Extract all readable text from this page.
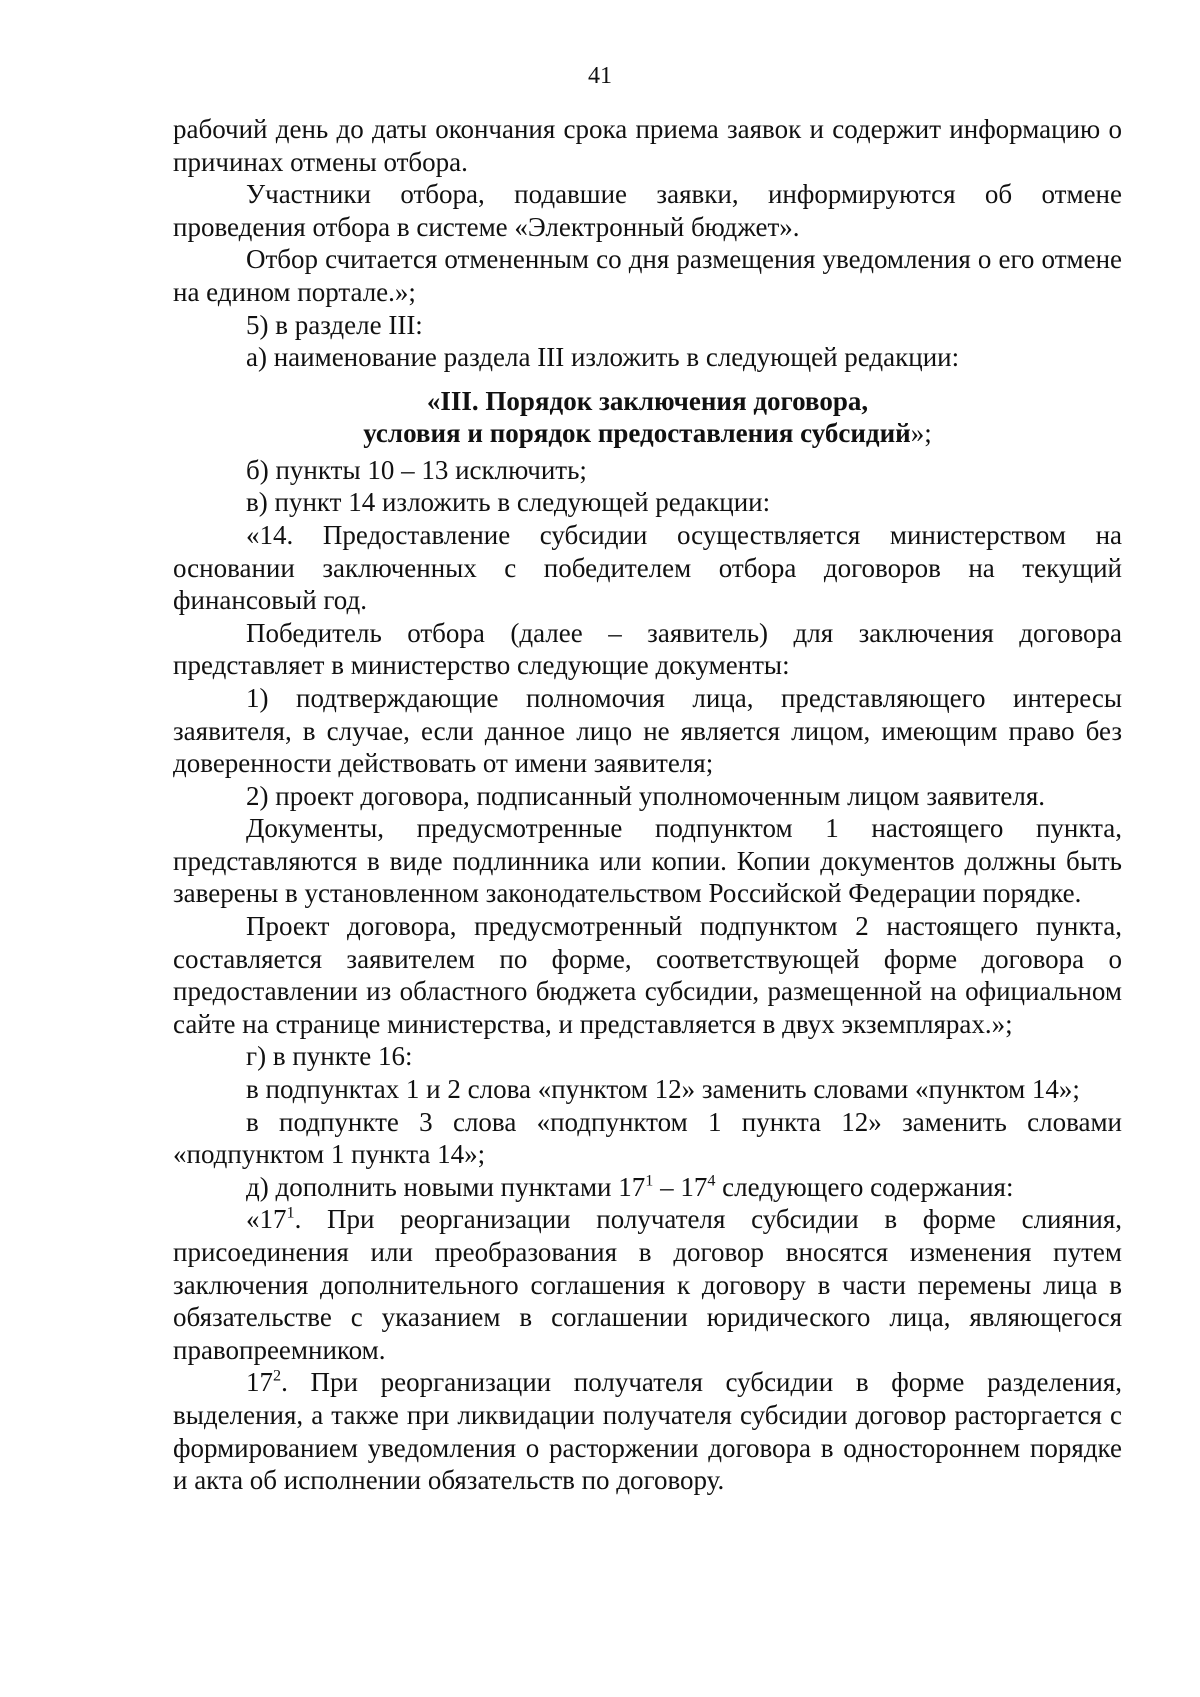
41

рабочий день до даты окончания срока приема заявок и содержит информацию о причинах отмены отбора.

Участники отбора, подавшие заявки, информируются об отмене проведения отбора в системе «Электронный бюджет».

Отбор считается отмененным со дня размещения уведомления о его отмене на едином портале.»;

5) в разделе III:

а) наименование раздела III изложить в следующей редакции:

«III. Порядок заключения договора,
условия и порядок предоставления субсидий»;

б) пункты 10 – 13 исключить;

в) пункт 14 изложить в следующей редакции:

«14. Предоставление субсидии осуществляется министерством на основании заключенных с победителем отбора договоров на текущий финансовый год.

Победитель отбора (далее – заявитель) для заключения договора представляет в министерство следующие документы:

1) подтверждающие полномочия лица, представляющего интересы заявителя, в случае, если данное лицо не является лицом, имеющим право без доверенности действовать от имени заявителя;

2) проект договора, подписанный уполномоченным лицом заявителя.

Документы, предусмотренные подпунктом 1 настоящего пункта, представляются в виде подлинника или копии. Копии документов должны быть заверены в установленном законодательством Российской Федерации порядке.

Проект договора, предусмотренный подпунктом 2 настоящего пункта, составляется заявителем по форме, соответствующей форме договора о предоставлении из областного бюджета субсидии, размещенной на официальном сайте на странице министерства, и представляется в двух экземплярах.»;

г) в пункте 16:

в подпунктах 1 и 2 слова «пунктом 12» заменить словами «пунктом 14»;

в подпункте 3 слова «подпунктом 1 пункта 12» заменить словами «подпунктом 1 пункта 14»;

д) дополнить новыми пунктами $17^1 - 17^4$ следующего содержания:

«$17^1$. При реорганизации получателя субсидии в форме слияния, присоединения или преобразования в договор вносятся изменения путем заключения дополнительного соглашения к договору в части перемены лица в обязательстве с указанием в соглашении юридического лица, являющегося правопреемником.

$17^2$. При реорганизации получателя субсидии в форме разделения, выделения, а также при ликвидации получателя субсидии договор расторгается с формированием уведомления о расторжении договора в одностороннем порядке и акта об исполнении обязательств по договору.
